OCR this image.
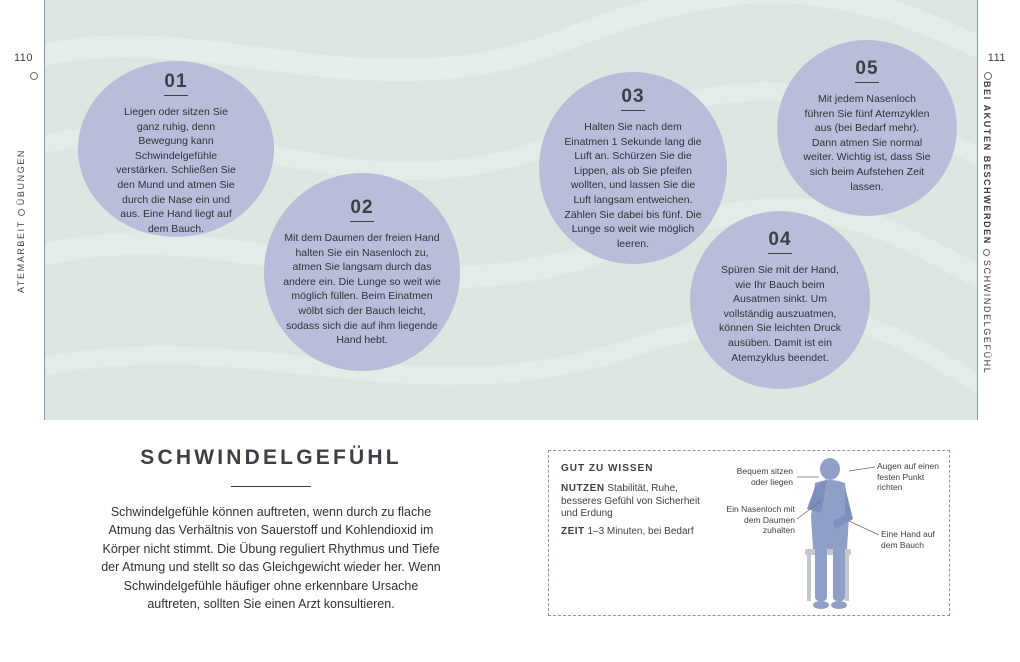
110	111
ATEMARBEITÜBUNGEN	BEI AKUTEN BESCHWERDENSCHWINDELGEFÜHL
01
Liegen oder sitzen Sie ganz ruhig, denn Bewegung kann Schwindelgefühle verstärken. Schließen Sie den Mund und atmen Sie durch die Nase ein und aus. Eine Hand liegt auf dem Bauch.
02
Mit dem Daumen der freien Hand halten Sie ein Nasenloch zu, atmen Sie langsam durch das andere ein. Die Lunge so weit wie möglich füllen. Beim Einatmen wölbt sich der Bauch leicht, sodass sich die auf ihm liegende Hand hebt.
03
Halten Sie nach dem Einatmen 1 Sekunde lang die Luft an. Schürzen Sie die Lippen, als ob Sie pfeifen wollten, und lassen Sie die Luft langsam entweichen. Zählen Sie dabei bis fünf. Die Lunge so weit wie möglich leeren.	04
Spüren Sie mit der Hand, wie Ihr Bauch beim Ausatmen sinkt. Um vollständig auszuatmen, können Sie leichten Druck ausüben. Damit ist ein Atemzyklus beendet.
05
Mit jedem Nasenloch führen Sie fünf Atemzyklen aus (bei Bedarf mehr). Dann atmen Sie normal weiter. Wichtig ist, dass Sie sich beim Aufstehen Zeit lassen.
SCHWINDELGEFÜHL
Schwindelgefühle können auftreten, wenn durch zu flache Atmung das Verhältnis von Sauerstoff und Kohlendioxid im Körper nicht stimmt. Die Übung reguliert Rhythmus und Tiefe der Atmung und stellt so das Gleichgewicht wieder her. Wenn Schwindelgefühle häufiger ohne erkennbare Ursache auftreten, sollten Sie einen Arzt konsultieren.
GUT ZU WISSEN
NUTZEN Stabilität, Ruhe, besseres Gefühl von Sicherheit und Erdung
ZEIT 1–3 Minuten, bei Bedarf
Bequem sitzen oder liegen
Augen auf einen festen Punkt richten
Ein Nasenloch mit dem Daumen zuhalten	Eine Hand auf dem Bauch
